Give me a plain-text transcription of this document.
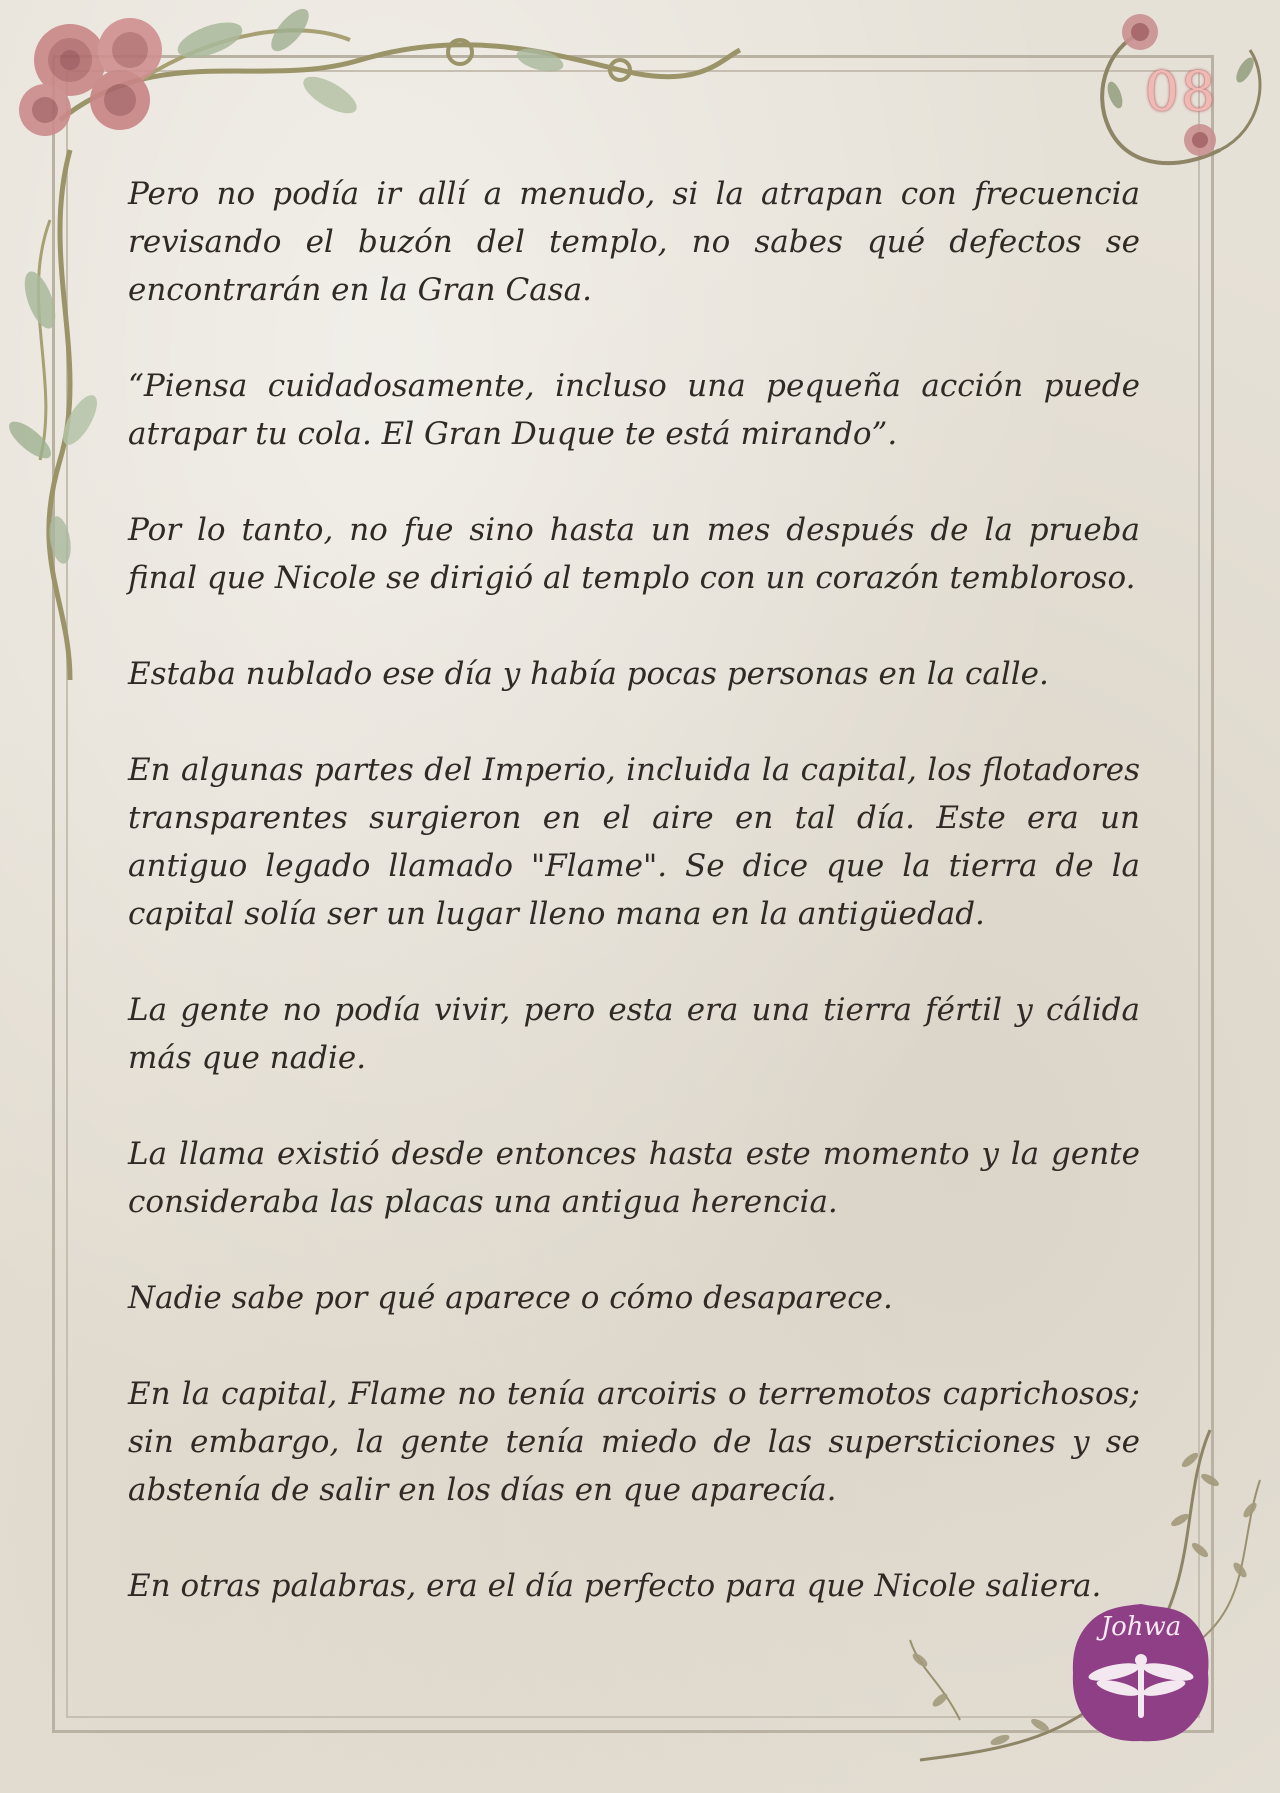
08

Pero no podía ir allí a menudo, si la atrapan con frecuencia revisando el buzón del templo, no sabes qué defectos se encontrarán en la Gran Casa.

“Piensa cuidadosamente, incluso una pequeña acción puede atrapar tu cola. El Gran Duque te está mirando”.

Por lo tanto, no fue sino hasta un mes después de la prueba final que Nicole se dirigió al templo con un corazón tembloroso.

Estaba nublado ese día y había pocas personas en la calle.

En algunas partes del Imperio, incluida la capital, los flotadores transparentes surgieron en el aire en tal día. Este era un antiguo legado llamado "Flame". Se dice que la tierra de la capital solía ser un lugar lleno mana en la antigüedad.

La gente no podía vivir, pero esta era una tierra fértil y cálida más que nadie.

La llama existió desde entonces hasta este momento y la gente consideraba las placas una antigua herencia.

Nadie sabe por qué aparece o cómo desaparece.

En la capital, Flame no tenía arcoiris o terremotos caprichosos; sin embargo, la gente tenía miedo de las supersticiones y se abstenía de salir en los días en que aparecía.

En otras palabras, era el día perfecto para que Nicole saliera.

Johwa
